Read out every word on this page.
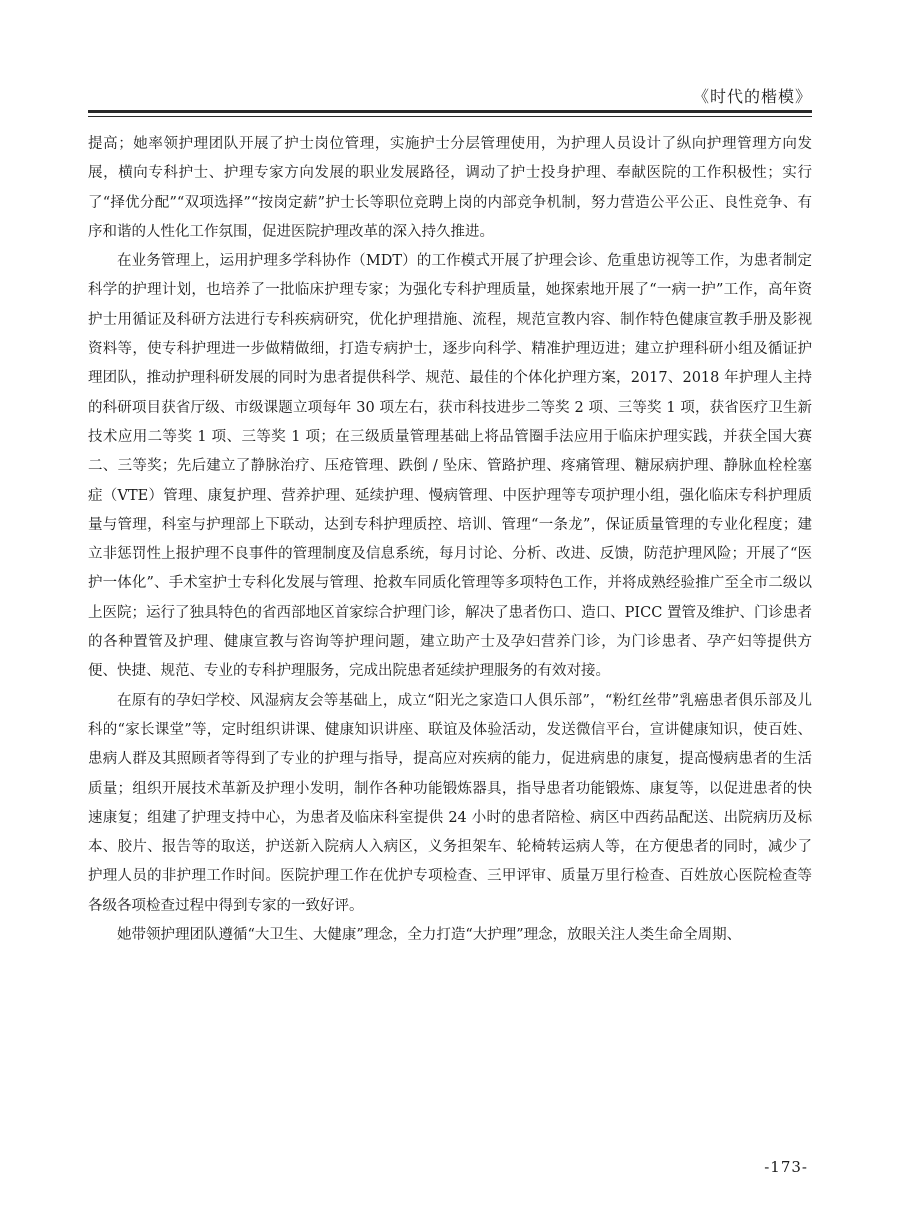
《时代的楷模》

提高；她率领护理团队开展了护士岗位管理，实施护士分层管理使用，为护理人员设计了纵向护理管理方向发展，横向专科护士、护理专家方向发展的职业发展路径，调动了护士投身护理、奉献医院的工作积极性；实行了“择优分配”“双项选择”“按岗定薪”护士长等职位竞聘上岗的内部竞争机制，努力营造公平公正、良性竞争、有序和谐的人性化工作氛围，促进医院护理改革的深入持久推进。

在业务管理上，运用护理多学科协作（MDT）的工作模式开展了护理会诊、危重患访视等工作，为患者制定科学的护理计划，也培养了一批临床护理专家；为强化专科护理质量，她探索地开展了“一病一护”工作，高年资护士用循证及科研方法进行专科疾病研究，优化护理措施、流程，规范宣教内容、制作特色健康宣教手册及影视资料等，使专科护理进一步做精做细，打造专病护士，逐步向科学、精准护理迈进；建立护理科研小组及循证护理团队，推动护理科研发展的同时为患者提供科学、规范、最佳的个体化护理方案，2017、2018 年护理人主持的科研项目获省厅级、市级课题立项每年 30 项左右，获市科技进步二等奖 2 项、三等奖 1 项，获省医疗卫生新技术应用二等奖 1 项、三等奖 1 项；在三级质量管理基础上将品管圈手法应用于临床护理实践，并获全国大赛二、三等奖；先后建立了静脉治疗、压疮管理、跌倒 / 坠床、管路护理、疼痛管理、糖尿病护理、静脉血栓栓塞症（VTE）管理、康复护理、营养护理、延续护理、慢病管理、中医护理等专项护理小组，强化临床专科护理质量与管理，科室与护理部上下联动，达到专科护理质控、培训、管理“一条龙”，保证质量管理的专业化程度；建立非惩罚性上报护理不良事件的管理制度及信息系统，每月讨论、分析、改进、反馈，防范护理风险；开展了“医护一体化”、手术室护士专科化发展与管理、抢救车同质化管理等多项特色工作，并将成熟经验推广至全市二级以上医院；运行了独具特色的省西部地区首家综合护理门诊，解决了患者伤口、造口、PICC 置管及维护、门诊患者的各种置管及护理、健康宣教与咨询等护理问题，建立助产士及孕妇营养门诊，为门诊患者、孕产妇等提供方便、快捷、规范、专业的专科护理服务，完成出院患者延续护理服务的有效对接。

在原有的孕妇学校、风湿病友会等基础上，成立“阳光之家造口人俱乐部”，“粉红丝带”乳癌患者俱乐部及儿科的“家长课堂”等，定时组织讲课、健康知识讲座、联谊及体验活动，发送微信平台，宣讲健康知识，使百姓、患病人群及其照顾者等得到了专业的护理与指导，提高应对疾病的能力，促进病患的康复，提高慢病患者的生活质量；组织开展技术革新及护理小发明，制作各种功能锻炼器具，指导患者功能锻炼、康复等，以促进患者的快速康复；组建了护理支持中心，为患者及临床科室提供 24 小时的患者陪检、病区中西药品配送、出院病历及标本、胶片、报告等的取送，护送新入院病人入病区，义务担架车、轮椅转运病人等，在方便患者的同时，减少了护理人员的非护理工作时间。医院护理工作在优护专项检查、三甲评审、质量万里行检查、百姓放心医院检查等各级各项检查过程中得到专家的一致好评。

她带领护理团队遵循“大卫生、大健康”理念，全力打造“大护理”理念，放眼关注人类生命全周期、

-173-
